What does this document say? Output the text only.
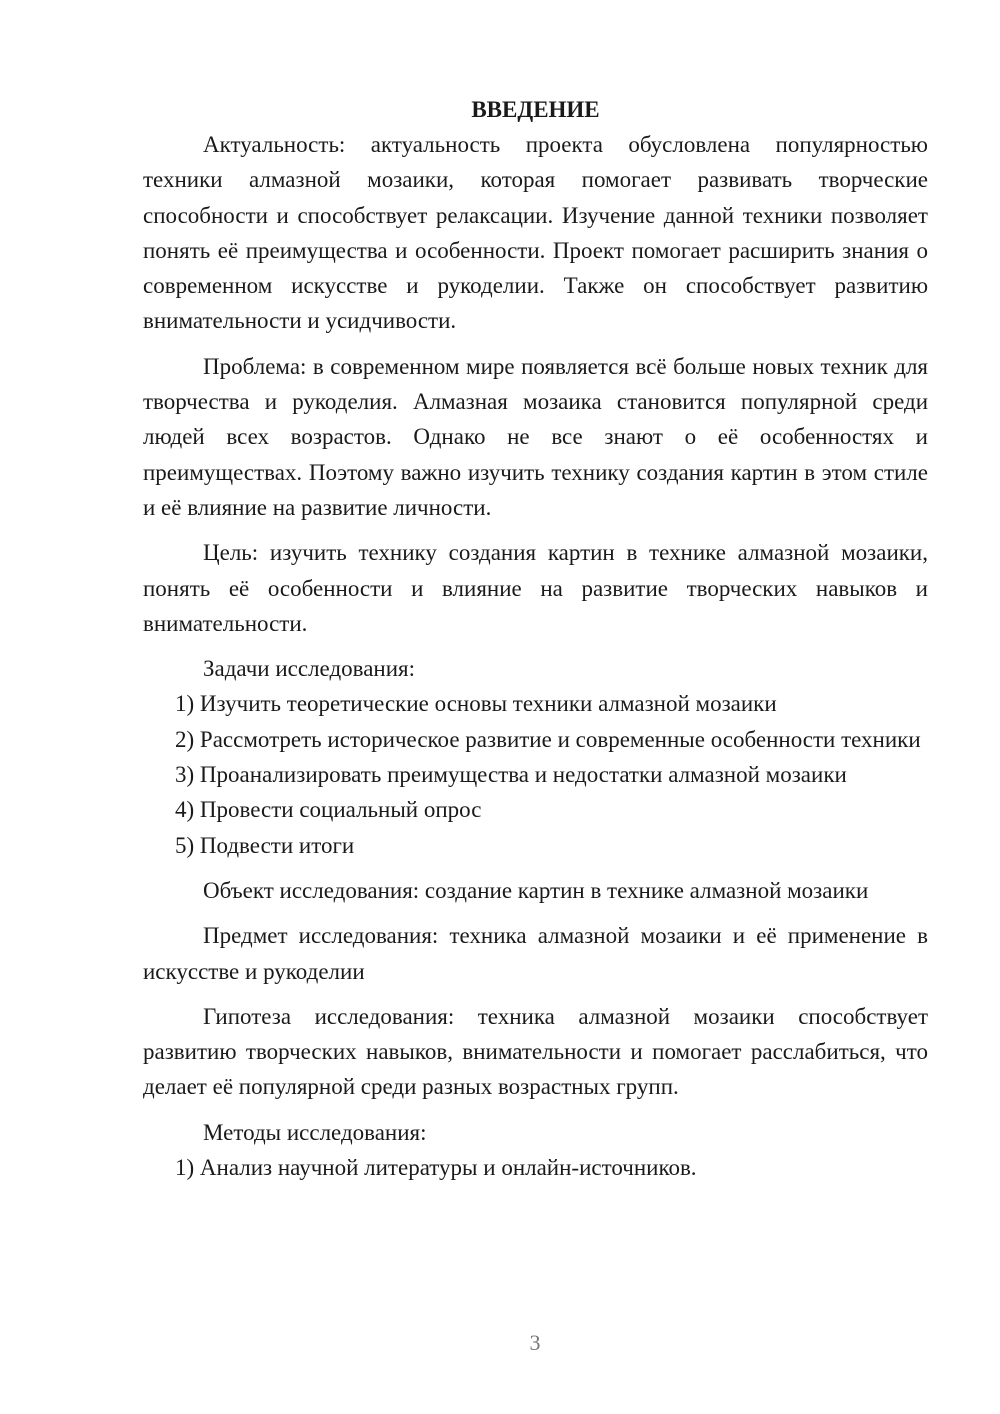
ВВЕДЕНИЕ

Актуальность: актуальность проекта обусловлена популярностью техники алмазной мозаики, которая помогает развивать творческие способности и способствует релаксации. Изучение данной техники позволяет понять её преимущества и особенности. Проект помогает расширить знания о современном искусстве и рукоделии. Также он способствует развитию внимательности и усидчивости.

Проблема: в современном мире появляется всё больше новых техник для творчества и рукоделия. Алмазная мозаика становится популярной среди людей всех возрастов. Однако не все знают о её особенностях и преимуществах. Поэтому важно изучить технику создания картин в этом стиле и её влияние на развитие личности.

Цель: изучить технику создания картин в технике алмазной мозаики, понять её особенности и влияние на развитие творческих навыков и внимательности.

Задачи исследования:

1) Изучить теоретические основы техники алмазной мозаики

2) Рассмотреть историческое развитие и современные особенности техники

3) Проанализировать преимущества и недостатки алмазной мозаики

4) Провести социальный опрос

5) Подвести итоги

Объект исследования: создание картин в технике алмазной мозаики

Предмет исследования: техника алмазной мозаики и её применение в искусстве и рукоделии

Гипотеза исследования: техника алмазной мозаики способствует развитию творческих навыков, внимательности и помогает расслабиться, что делает её популярной среди разных возрастных групп.

Методы исследования:

1) Анализ научной литературы и онлайн-источников.

3
